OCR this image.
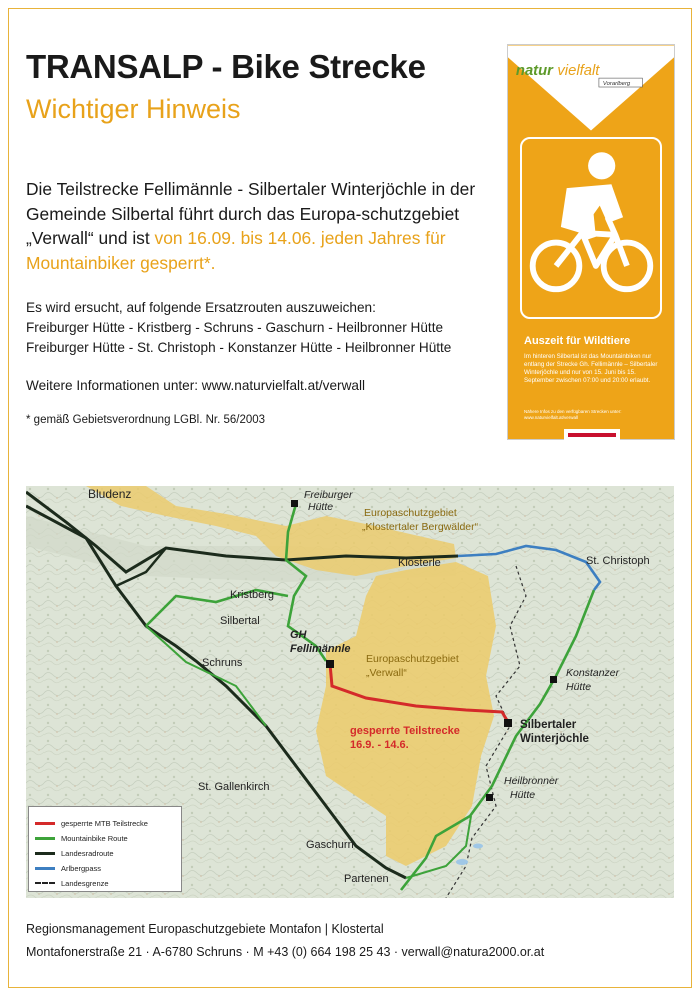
TRANSALP - Bike Strecke
Wichtiger Hinweis
Die Teilstrecke Fellimännle - Silbertaler Winterjöchle in der Gemeinde Silbertal führt durch das Europa-schutzgebiet „Verwall“ und ist von 16.09. bis 14.06. jeden Jahres für Mountainbiker gesperrt*.
Es wird ersucht, auf folgende Ersatzrouten auszuweichen:
Freiburger Hütte - Kristberg - Schruns - Gaschurn - Heilbronner Hütte
Freiburger Hütte - St. Christoph - Konstanzer Hütte - Heilbronner Hütte
Weitere Informationen unter: www.naturvielfalt.at/verwall
* gemäß Gebietsverordnung LGBl. Nr. 56/2003
natur vielfalt
Vorarlberg
Auszeit für Wildtiere
Im hinteren Silbertal ist das Mountainbiken nur entlang der Strecke Gh. Fellimännle – Silbertaler Winterjöchle und nur von 15. Juni bis 15. September zwischen 07:00 und 20:00 erlaubt.
Nähere Infos zu den verfügbaren Strecken unter: www.naturvielfalt.at/verwall
Bludenz	Freiburger
Hütte	Europaschutzgebiet
„Klostertaler Bergwälder“
Klösterle	St. Christoph
Kristberg
Silbertal
GH
Fellimännle
Schruns	Europaschutzgebiet
„Verwall“	Konstanzer
Hütte
gesperrte Teilstrecke
16.9. - 14.6.
Silbertaler
Winterjöchle
Heilbronner
Hütte
St. Gallenkirch
Gaschurn
Partenen
gesperrte MTB Teilstrecke
Mountainbike Route
Landesradroute
Arlbergpass
Landesgrenze
Regionsmanagement Europaschutzgebiete Montafon | Klostertal
Montafonerstraße 21 · A-6780 Schruns · M +43 (0) 664 198 25 43 · verwall@natura2000.or.at
